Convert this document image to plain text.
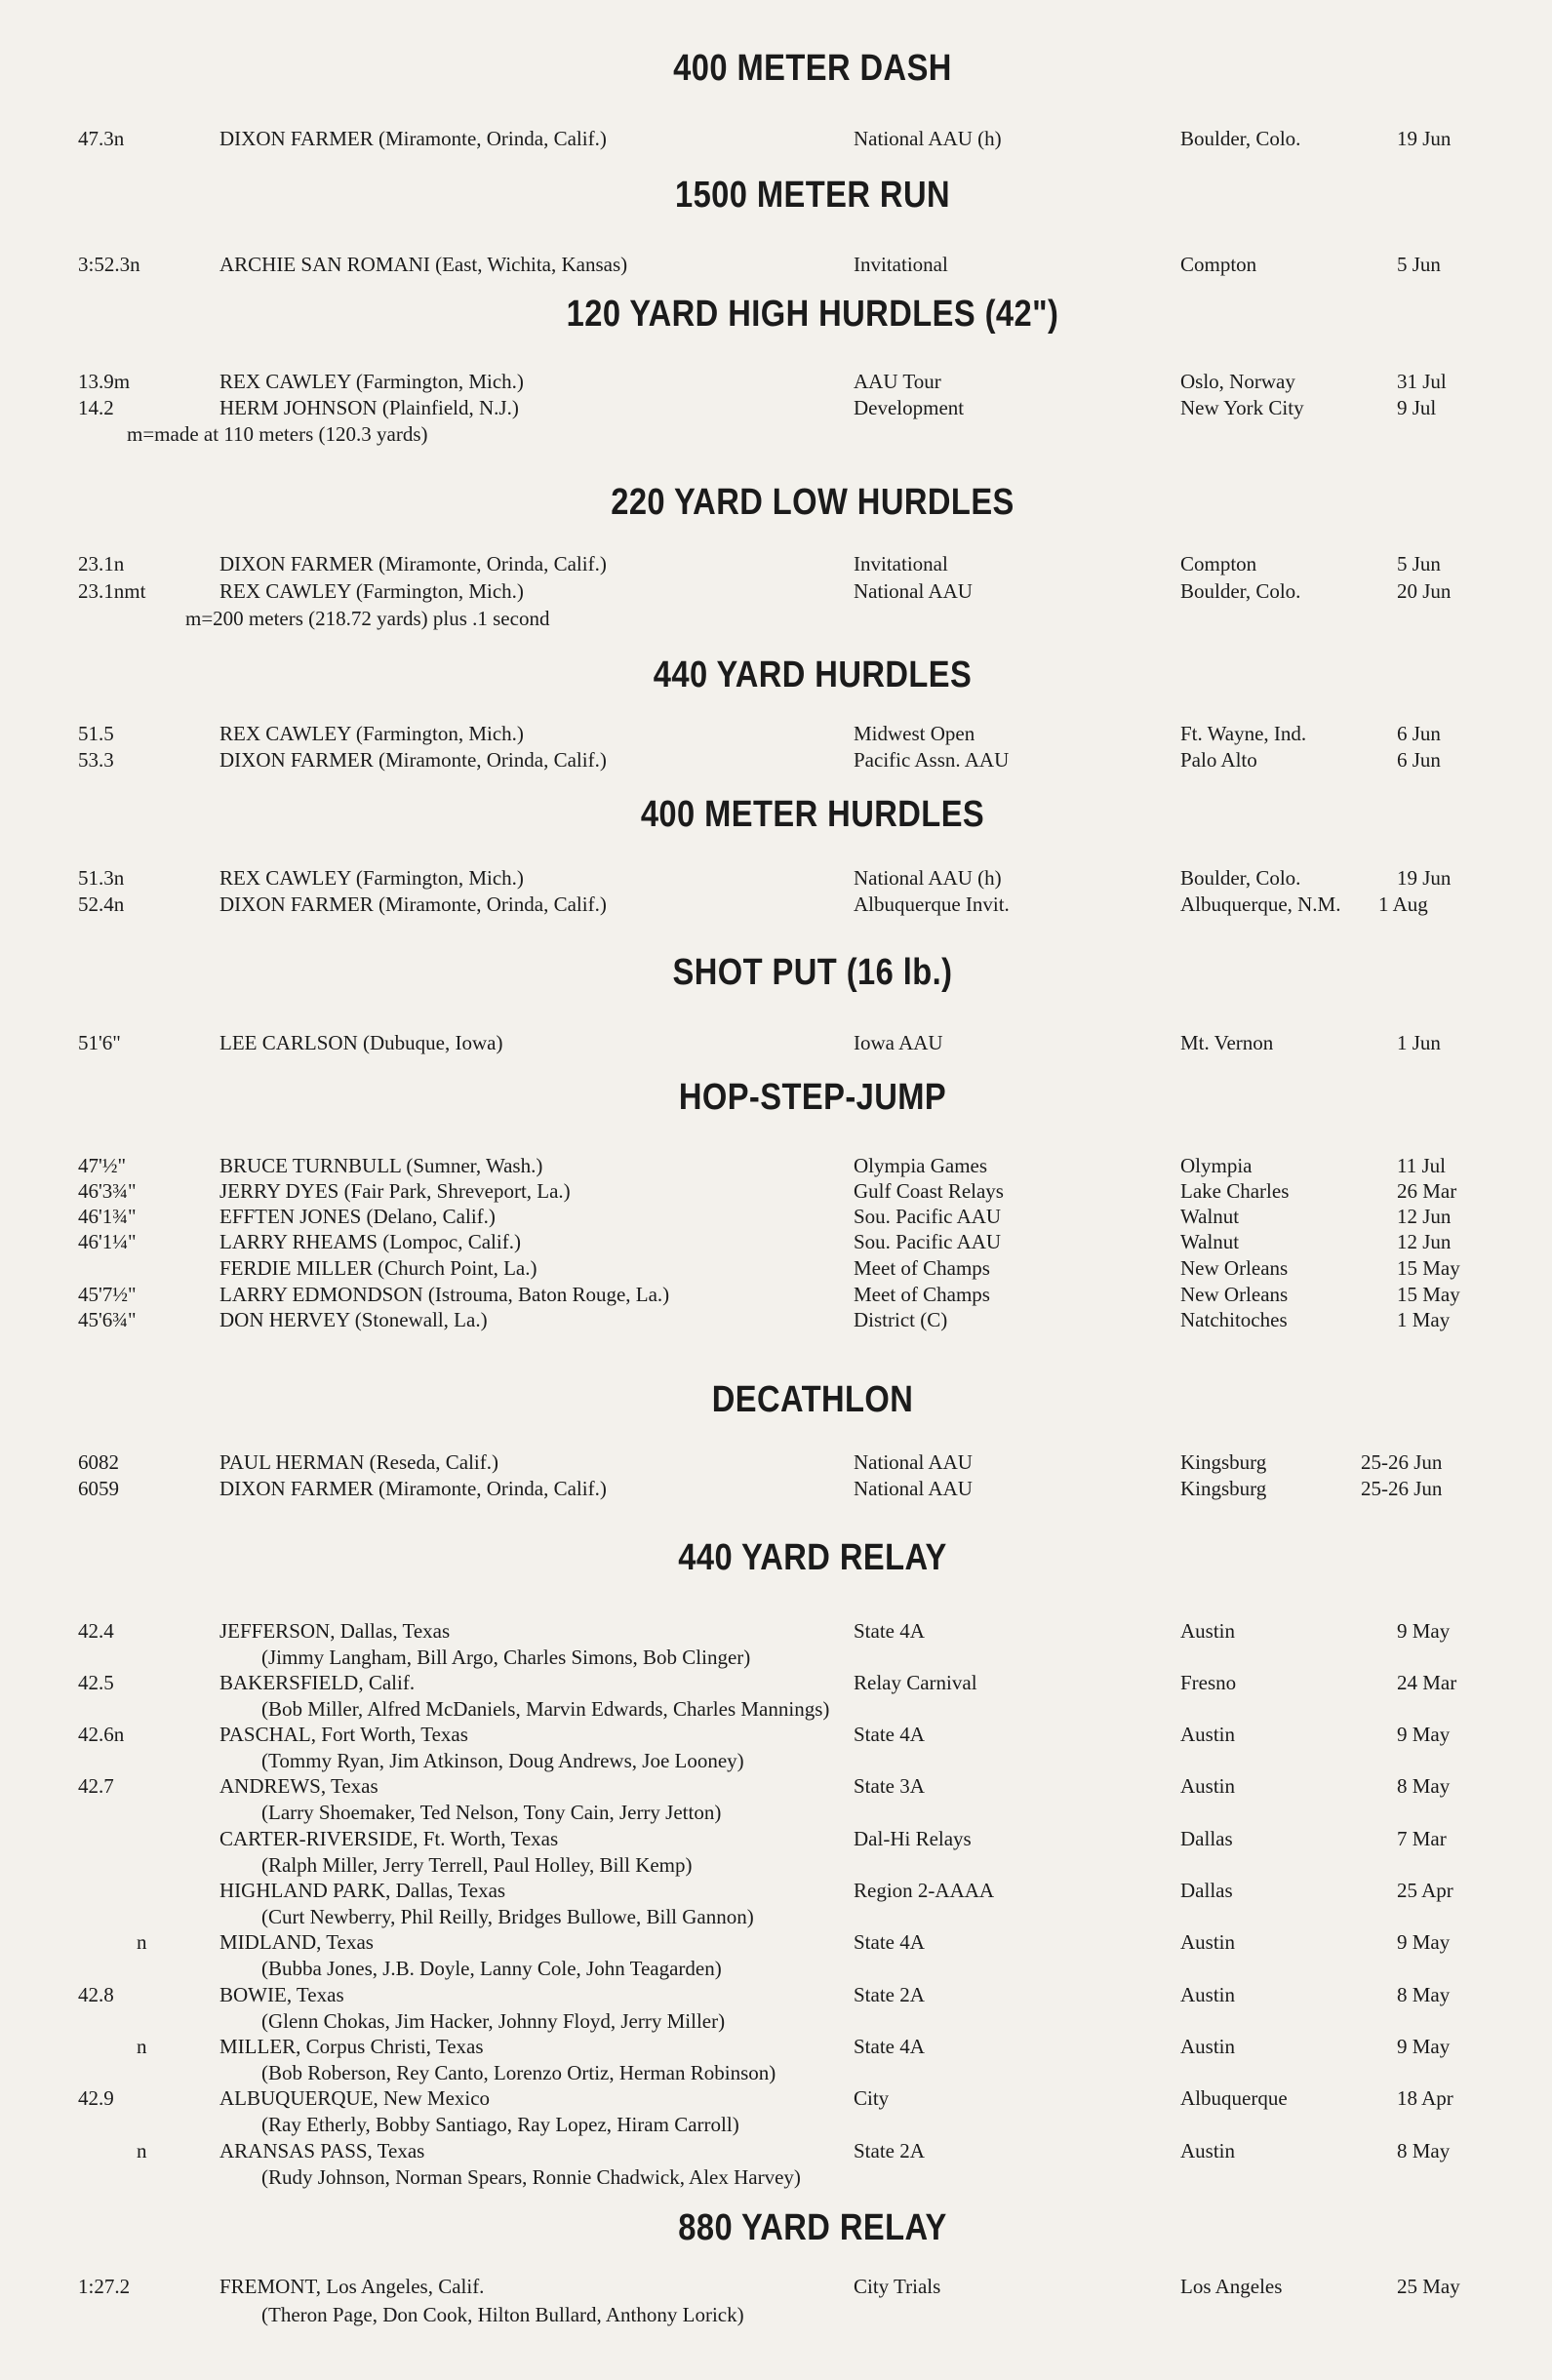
400 METER DASH
47.3n	DIXON FARMER (Miramonte, Orinda, Calif.)	National AAU (h)	Boulder, Colo.	19 Jun
1500 METER RUN
3:52.3n	ARCHIE SAN ROMANI (East, Wichita, Kansas)	Invitational	Compton	5 Jun
120 YARD HIGH HURDLES (42")
13.9m	REX CAWLEY (Farmington, Mich.)	AAU Tour	Oslo, Norway	31 Jul
14.2	HERM JOHNSON (Plainfield, N.J.)	Development	New York City	9 Jul
m=made at 110 meters (120.3 yards)
220 YARD LOW HURDLES
23.1n	DIXON FARMER (Miramonte, Orinda, Calif.)	Invitational	Compton	5 Jun
23.1nmt	REX CAWLEY (Farmington, Mich.)	National AAU	Boulder, Colo.	20 Jun
m=200 meters (218.72 yards) plus .1 second
440 YARD HURDLES
51.5	REX CAWLEY (Farmington, Mich.)	Midwest Open	Ft. Wayne, Ind.	6 Jun
53.3	DIXON FARMER (Miramonte, Orinda, Calif.)	Pacific Assn. AAU	Palo Alto	6 Jun
400 METER HURDLES
51.3n	REX CAWLEY (Farmington, Mich.)	National AAU (h)	Boulder, Colo.	19 Jun
52.4n	DIXON FARMER (Miramonte, Orinda, Calif.)	Albuquerque Invit.	Albuquerque, N.M. 1 Aug
SHOT PUT (16 lb.)
51'6"	LEE CARLSON (Dubuque, Iowa)	Iowa AAU	Mt. Vernon	1 Jun
HOP-STEP-JUMP
47'½"	BRUCE TURNBULL (Sumner, Wash.)	Olympia Games	Olympia	11 Jul
46'3¾"	JERRY DYES (Fair Park, Shreveport, La.)	Gulf Coast Relays	Lake Charles	26 Mar
46'1¾"	EFFTEN JONES (Delano, Calif.)	Sou. Pacific AAU	Walnut	12 Jun
46'1¼"	LARRY RHEAMS (Lompoc, Calif.)	Sou. Pacific AAU	Walnut	12 Jun
FERDIE MILLER (Church Point, La.)	Meet of Champs	New Orleans	15 May
45'7½"	LARRY EDMONDSON (Istrouma, Baton Rouge, La.)	Meet of Champs	New Orleans	15 May
45'6¾"	DON HERVEY (Stonewall, La.)	District (C)	Natchitoches	1 May
DECATHLON
6082	PAUL HERMAN (Reseda, Calif.)	National AAU	Kingsburg	25-26 Jun
6059	DIXON FARMER (Miramonte, Orinda, Calif.)	National AAU	Kingsburg	25-26 Jun
440 YARD RELAY
42.4	JEFFERSON, Dallas, Texas	State 4A	Austin	9 May
(Jimmy Langham, Bill Argo, Charles Simons, Bob Clinger)
42.5	BAKERSFIELD, Calif.	Relay Carnival	Fresno	24 Mar
(Bob Miller, Alfred McDaniels, Marvin Edwards, Charles Mannings)
42.6n	PASCHAL, Fort Worth, Texas	State 4A	Austin	9 May
(Tommy Ryan, Jim Atkinson, Doug Andrews, Joe Looney)
42.7	ANDREWS, Texas	State 3A	Austin	8 May
(Larry Shoemaker, Ted Nelson, Tony Cain, Jerry Jetton)
CARTER-RIVERSIDE, Ft. Worth, Texas	Dal-Hi Relays	Dallas	7 Mar
(Ralph Miller, Jerry Terrell, Paul Holley, Bill Kemp)
HIGHLAND PARK, Dallas, Texas	Region 2-AAAA	Dallas	25 Apr
(Curt Newberry, Phil Reilly, Bridges Bullowe, Bill Gannon)
n	MIDLAND, Texas	State 4A	Austin	9 May
(Bubba Jones, J.B. Doyle, Lanny Cole, John Teagarden)
42.8	BOWIE, Texas	State 2A	Austin	8 May
(Glenn Chokas, Jim Hacker, Johnny Floyd, Jerry Miller)
n	MILLER, Corpus Christi, Texas	State 4A	Austin	9 May
(Bob Roberson, Rey Canto, Lorenzo Ortiz, Herman Robinson)
42.9	ALBUQUERQUE, New Mexico	City	Albuquerque	18 Apr
(Ray Etherly, Bobby Santiago, Ray Lopez, Hiram Carroll)
n	ARANSAS PASS, Texas	State 2A	Austin	8 May
(Rudy Johnson, Norman Spears, Ronnie Chadwick, Alex Harvey)
880 YARD RELAY
1:27.2	FREMONT, Los Angeles, Calif.	City Trials	Los Angeles	25 May
(Theron Page, Don Cook, Hilton Bullard, Anthony Lorick)
